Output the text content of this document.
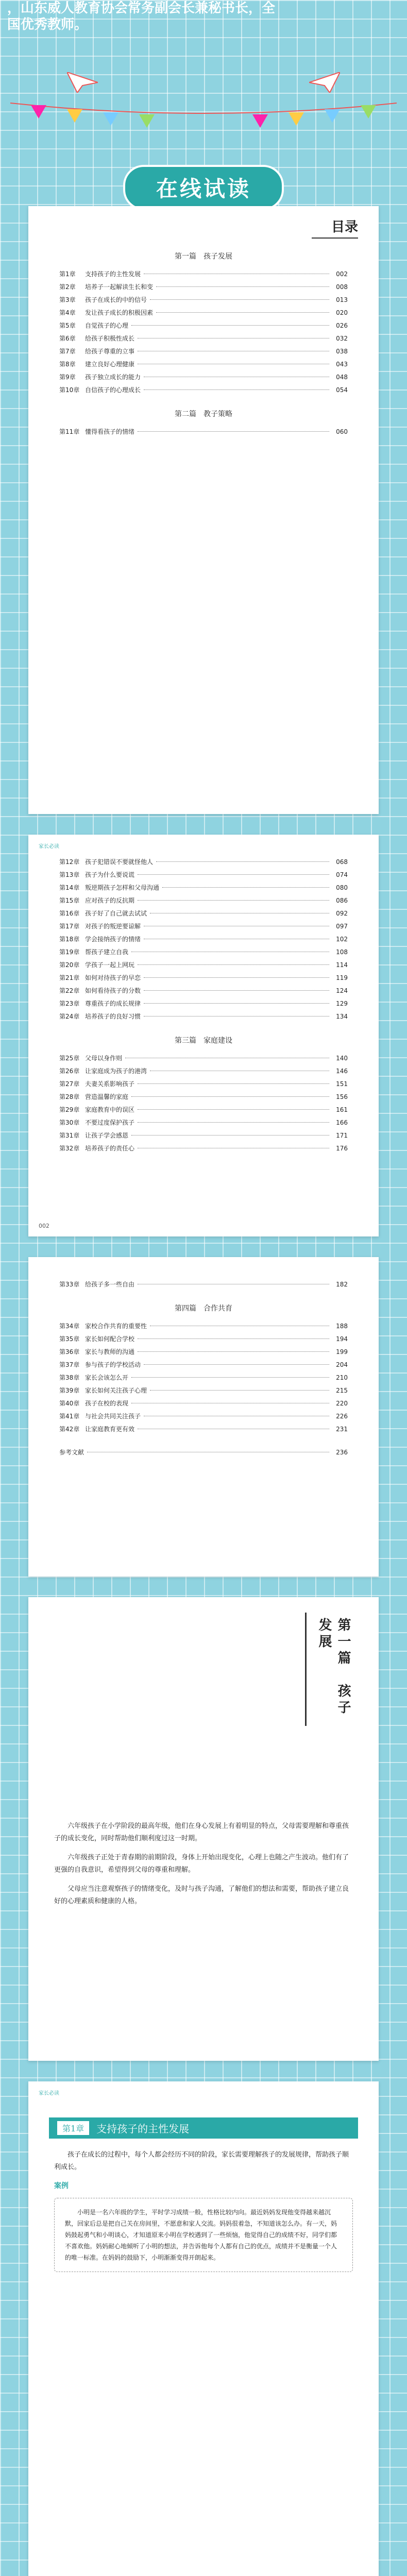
，山东威人教育协会常务副会长兼秘书长，全
国优秀教师。
在线试读
目录
第一篇　孩子发展
第1章	支持孩子的主性发展	002
第2章	培养子一起解读生长和变	008
第3章	孩子在成长的中的信号	013
第4章	发让孩子成长的积极因素	020
第5章	自觉孩子的心理	026
第6章	给孩子积极性成长	032
第7章	给孩子尊重的立事	038
第8章	建立良好心理健康	043
第9章	孩子独立成长的能力	048
第10章 自信孩子的心理成长	054
第二篇　教子策略
第11章 懂得看孩子的情绪	060
家长必读
第12章 孩子犯错误不要就怪他人	068
第13章 孩子为什么要说谎	074
第14章 叛逆期孩子怎样和父母沟通	080
第15章 应对孩子的反抗期	086
第16章 孩子好了自己就去试试	092
第17章 对孩子的叛逆要谅解	097
第18章 学会接纳孩子的情绪	102
第19章 帮孩子建立自我	108
第20章 学孩子一起上网玩	114
第21章 如何对待孩子的早恋	119
第22章 如何看待孩子的分数	124
第23章 尊重孩子的成长规律	129
第24章 培养孩子的良好习惯	134
第三篇　家庭建设
第25章 父母以身作则	140
第26章 让家庭成为孩子的港湾	146
第27章 夫妻关系影响孩子	151
第28章 营造温馨的家庭	156
第29章 家庭教育中的误区	161
第30章 不要过度保护孩子	166
第31章 让孩子学会感恩	171
第32章 培养孩子的责任心	176
002
第33章 给孩子多一些自由	182
第四篇　合作共育
第34章 家校合作共育的重要性	188
第35章 家长如何配合学校	194
第36章 家长与教师的沟通	199
第37章 参与孩子的学校活动	204
第38章 家长会该怎么开	210
第39章 家长如何关注孩子心理	215
第40章 孩子在校的表现	220
第41章 与社会共同关注孩子	226
第42章 让家庭教育更有效	231
参考文献	236
第一篇　孩子发展

六年级孩子在小学阶段的最高年级，他们在身心发展上有着明显的特点，父母需要理解和尊重孩子的成长变化，同时帮助他们顺利度过这一时期。

六年级孩子正处于青春期的前期阶段，身体上开始出现变化，心理上也随之产生波动。他们有了更强的自我意识，希望得到父母的尊重和理解。

父母应当注意观察孩子的情绪变化，及时与孩子沟通，了解他们的想法和需要，帮助孩子建立良好的心理素质和健康的人格。

家长必读
第1章	支持孩子的主性发展

孩子在成长的过程中，每个人都会经历不同的阶段，家长需要理解孩子的发展规律，帮助孩子顺利成长。

案例
小明是一名六年级的学生，平时学习成绩一般，性格比较内向。最近妈妈发现他变得越来越沉默，回家后总是把自己关在房间里，不愿意和家人交流。妈妈很着急，不知道该怎么办。有一天，妈妈鼓起勇气和小明谈心，才知道原来小明在学校遇到了一些烦恼，他觉得自己的成绩不好，同学们都不喜欢他。妈妈耐心地倾听了小明的想法，并告诉他每个人都有自己的优点，成绩并不是衡量一个人的唯一标准。在妈妈的鼓励下，小明渐渐变得开朗起来。
